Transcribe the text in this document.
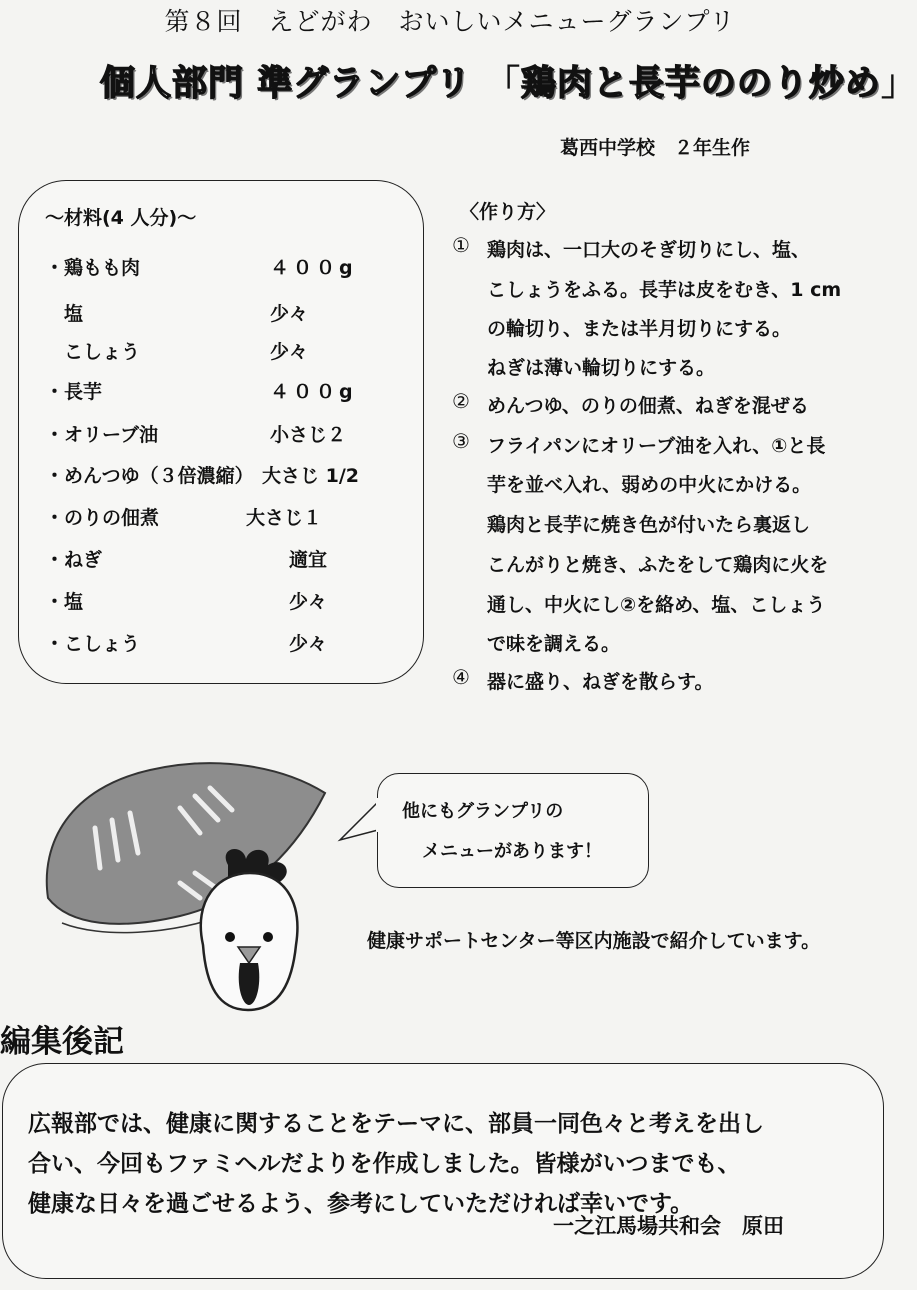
第８回　えどがわ　おいしいメニューグランプリ
個人部門 準グランプリ 「鶏肉と長芋ののり炒め」
葛西中学校　２年生作
〜材料(4 人分)〜
・鶏もも肉	４００g
　塩	少々
　こしょう	少々
・長芋	４００g
・オリーブ油	小さじ２
・めんつゆ（３倍濃縮） 大さじ 1/2
・のりの佃煮	大さじ１
・ねぎ	適宜
・塩	少々
・こしょう	少々
〈作り方〉
① 鶏肉は、一口大のそぎ切りにし、塩、
こしょうをふる。長芋は皮をむき、1 cm
の輪切り、または半月切りにする。
ねぎは薄い輪切りにする。
② めんつゆ、のりの佃煮、ねぎを混ぜる
③ フライパンにオリーブ油を入れ、①と長
芋を並べ入れ、弱めの中火にかける。
鶏肉と長芋に焼き色が付いたら裏返し
こんがりと焼き、ふたをして鶏肉に火を
通し、中火にし②を絡め、塩、こしょう
で味を調える。
④ 器に盛り、ねぎを散らす。
他にもグランプリの
メニューがあります！
健康サポートセンター等区内施設で紹介しています。
編集後記
広報部では、健康に関することをテーマに、部員一同色々と考えを出し
合い、今回もファミヘルだよりを作成しました。皆様がいつまでも、
健康な日々を過ごせるよう、参考にしていただければ幸いです。
一之江馬場共和会　原田
